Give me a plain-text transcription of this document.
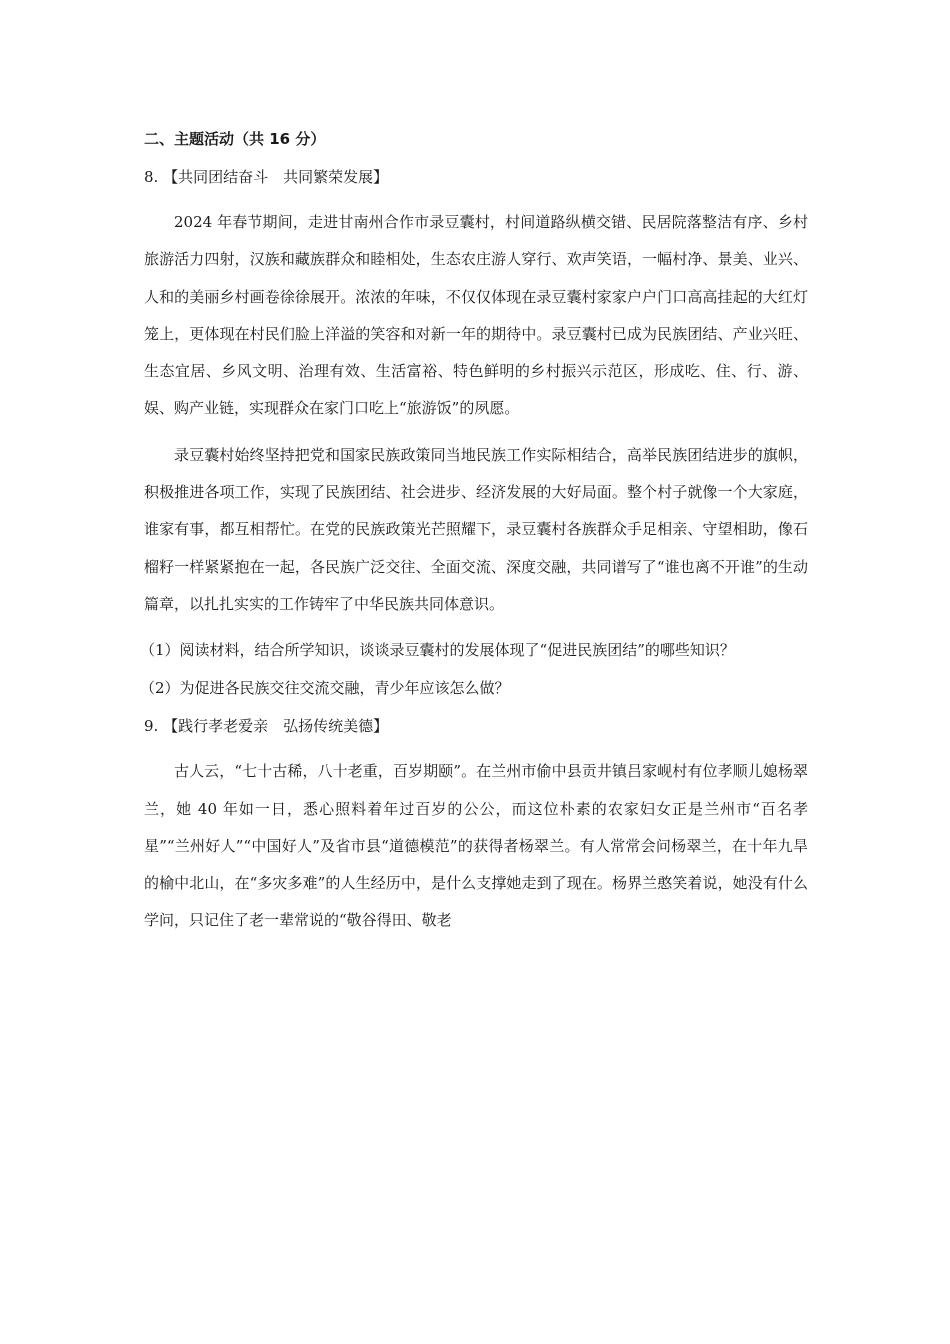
二、主题活动（共 16 分）
8. 【共同团结奋斗　共同繁荣发展】

2024 年春节期间，走进甘南州合作市录豆囊村，村间道路纵横交错、民居院落整洁有序、乡村旅游活力四射，汉族和藏族群众和睦相处，生态农庄游人穿行、欢声笑语，一幅村净、景美、业兴、人和的美丽乡村画卷徐徐展开。浓浓的年味，不仅仅体现在录豆囊村家家户户门口高高挂起的大红灯笼上，更体现在村民们脸上洋溢的笑容和对新一年的期待中。录豆囊村已成为民族团结、产业兴旺、生态宜居、乡风文明、治理有效、生活富裕、特色鲜明的乡村振兴示范区，形成吃、住、行、游、娱、购产业链，实现群众在家门口吃上“旅游饭”的夙愿。

录豆囊村始终坚持把党和国家民族政策同当地民族工作实际相结合，高举民族团结进步的旗帜，积极推进各项工作，实现了民族团结、社会进步、经济发展的大好局面。整个村子就像一个大家庭，谁家有事，都互相帮忙。在党的民族政策光芒照耀下，录豆囊村各族群众手足相亲、守望相助，像石榴籽一样紧紧抱在一起，各民族广泛交往、全面交流、深度交融，共同谱写了“谁也离不开谁”的生动篇章，以扎扎实实的工作铸牢了中华民族共同体意识。

（1）阅读材料，结合所学知识，谈谈录豆囊村的发展体现了“促进民族团结”的哪些知识？
（2）为促进各民族交往交流交融，青少年应该怎么做？
9. 【践行孝老爱亲　弘扬传统美德】

古人云，“七十古稀，八十老重，百岁期颐”。在兰州市偷中县贡井镇吕家岘村有位孝顺儿媳杨翠兰，她 40 年如一日，悉心照料着年过百岁的公公，而这位朴素的农家妇女正是兰州市“百名孝星”“兰州好人”“中国好人”及省市县“道德模范”的获得者杨翠兰。有人常常会问杨翠兰，在十年九旱的榆中北山，在“多灾多难”的人生经历中，是什么支撑她走到了现在。杨界兰憨笑着说，她没有什么学问，只记住了老一辈常说的“敬谷得田、敬老
